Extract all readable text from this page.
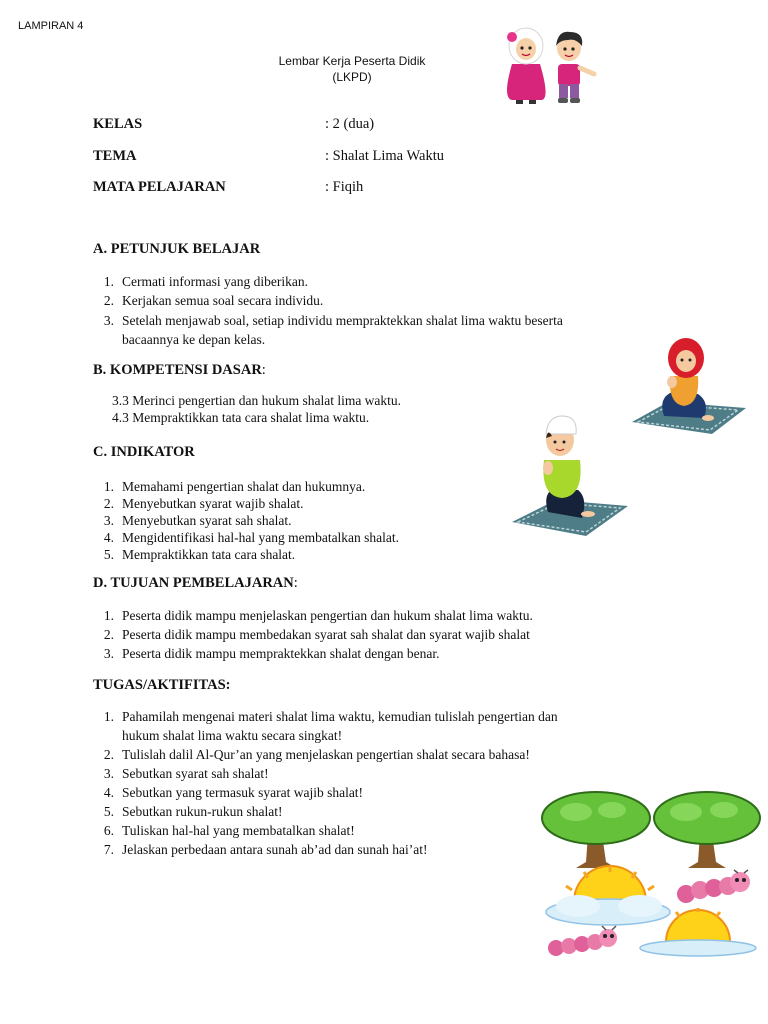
LAMPIRAN 4
Lembar Kerja Peserta Didik
(LKPD)
KELAS	: 2 (dua)
TEMA	: Shalat Lima Waktu
MATA PELAJARAN	: Fiqih
A. PETUNJUK BELAJAR
1. Cermati informasi yang diberikan.
2. Kerjakan semua soal secara individu.
3. Setelah menjawab soal, setiap individu mempraktekkan shalat lima waktu beserta
bacaannya ke depan kelas.
B. KOMPETENSI DASAR:
3.3 Merinci pengertian dan hukum shalat lima waktu.
4.3 Mempraktikkan tata cara shalat lima waktu.
C. INDIKATOR
1. Memahami pengertian shalat dan hukumnya.
2. Menyebutkan syarat wajib shalat.
3. Menyebutkan syarat sah shalat.
4. Mengidentifikasi hal-hal yang membatalkan shalat.
5. Mempraktikkan tata cara shalat.
D. TUJUAN PEMBELAJARAN:
1. Peserta didik mampu menjelaskan pengertian dan hukum shalat lima waktu.
2. Peserta didik mampu membedakan syarat sah shalat dan syarat wajib shalat
3. Peserta didik mampu mempraktekkan shalat dengan benar.
TUGAS/AKTIFITAS:
1. Pahamilah mengenai materi shalat lima waktu, kemudian tulislah pengertian dan
hukum shalat lima waktu secara singkat!
2. Tulislah dalil Al-Qur’an yang menjelaskan pengertian shalat secara bahasa!
3. Sebutkan syarat sah shalat!
4. Sebutkan yang termasuk syarat wajib shalat!
5. Sebutkan rukun-rukun shalat!
6. Tuliskan hal-hal yang membatalkan shalat!
7. Jelaskan perbedaan antara sunah ab’ad dan sunah hai’at!
